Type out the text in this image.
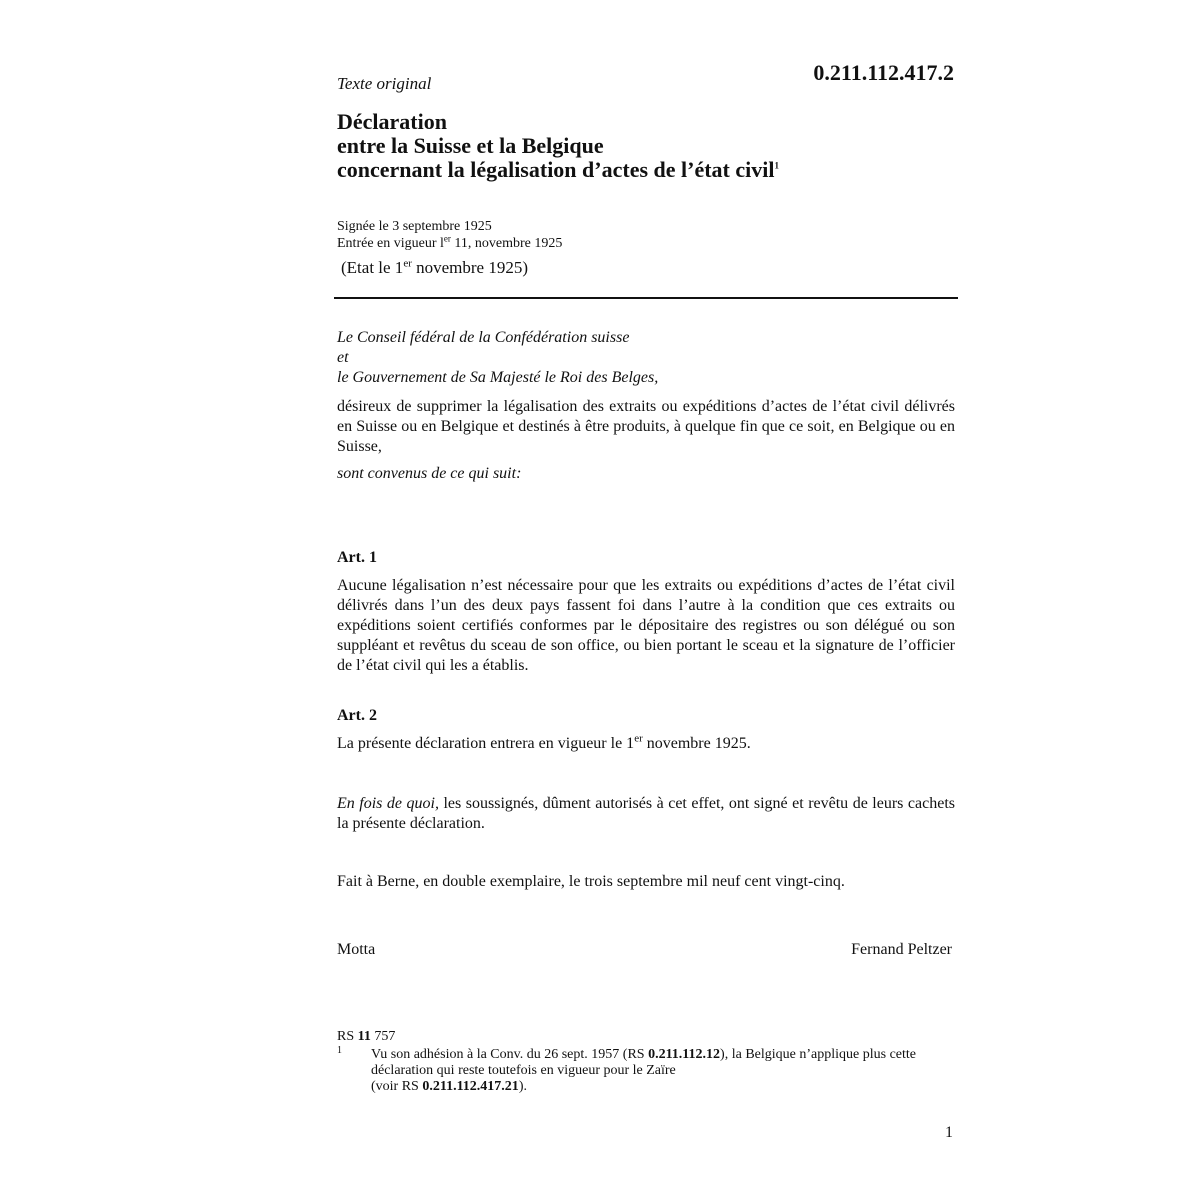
Texte original	0.211.112.417.2
Déclaration
entre la Suisse et la Belgique
concernant la légalisation d’actes de l’état civil$^1$
Signée le 3 septembre 1925
Entrée en vigueur $l^{er}$ 11, novembre 1925
(Etat le 1er novembre 1925)
Le Conseil fédéral de la Confédération suisse
et
le Gouvernement de Sa Majesté le Roi des Belges,
désireux de supprimer la légalisation des extraits ou expéditions d’actes de l’état civil délivrés en Suisse ou en Belgique et destinés à être produits, à quelque fin que ce soit, en Belgique ou en Suisse,
sont convenus de ce qui suit:
Art. 1
Aucune légalisation n’est nécessaire pour que les extraits ou expéditions d’actes de l’état civil délivrés dans l’un des deux pays fassent foi dans l’autre à la condition que ces extraits ou expéditions soient certifiés conformes par le dépositaire des registres ou son délégué ou son suppléant et revêtus du sceau de son office, ou bien portant le sceau et la signature de l’officier de l’état civil qui les a établis.
Art. 2
La présente déclaration entrera en vigueur le 1er novembre 1925.
En fois de quoi, les soussignés, dûment autorisés à cet effet, ont signé et revêtu de leurs cachets la présente déclaration.
Fait à Berne, en double exemplaire, le trois septembre mil neuf cent vingt-cinq.
Motta	Fernand Peltzer
RS 11 757
1 Vu son adhésion à la Conv. du 26 sept. 1957 (RS 0.211.112.12), la Belgique n’applique plus cette déclaration qui reste toutefois en vigueur pour le Zaïre
(voir RS 0.211.112.417.21).
1
